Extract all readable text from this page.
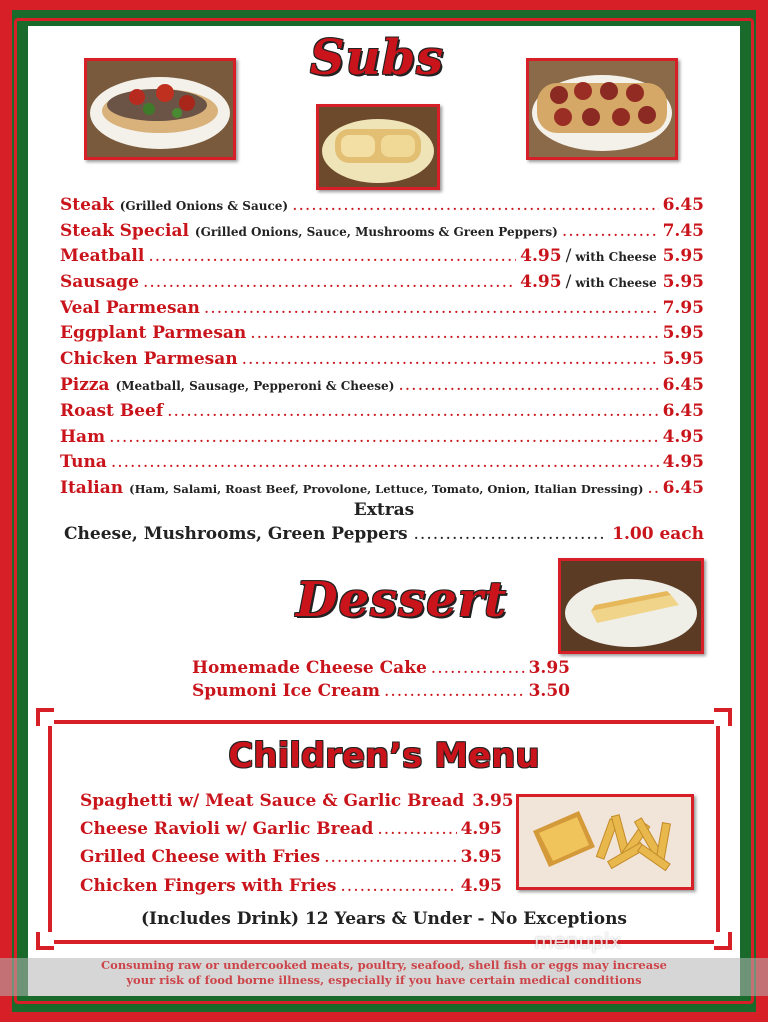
Subs
Steak (Grilled Onions & Sauce) .....	6.45
Steak Special (Grilled Onions, Sauce, Mushrooms & Green Peppers) .....	7.45
Meatball .....	4.95 / with Cheese 5.95
Sausage .....	4.95 / with Cheese 5.95
Veal Parmesan .....	7.95
Eggplant Parmesan .....	5.95
Chicken Parmesan .....	5.95
Pizza (Meatball, Sausage, Pepperoni & Cheese) .....	6.45
Roast Beef .....	6.45
Ham .....	4.95
Tuna .....	4.95
Italian (Ham, Salami, Roast Beef, Provolone, Lettuce, Tomato, Onion, Italian Dressing) ..... 6.45
Extras
Cheese, Mushrooms, Green Peppers .....	1.00 each
Dessert
Homemade Cheese Cake .....	3.95
Spumoni Ice Cream .....	3.50
Children’s Menu
Spaghetti w/ Meat Sauce & Garlic Bread 3.95
Cheese Ravioli w/ Garlic Bread .....	4.95
Grilled Cheese with Fries .....	3.95
Chicken Fingers with Fries .....	4.95
(Includes Drink) 12 Years & Under - No Exceptions
menupix
Consuming raw or undercooked meats, poultry, seafood, shell fish or eggs may increase
your risk of food borne illness, especially if you have certain medical conditions
